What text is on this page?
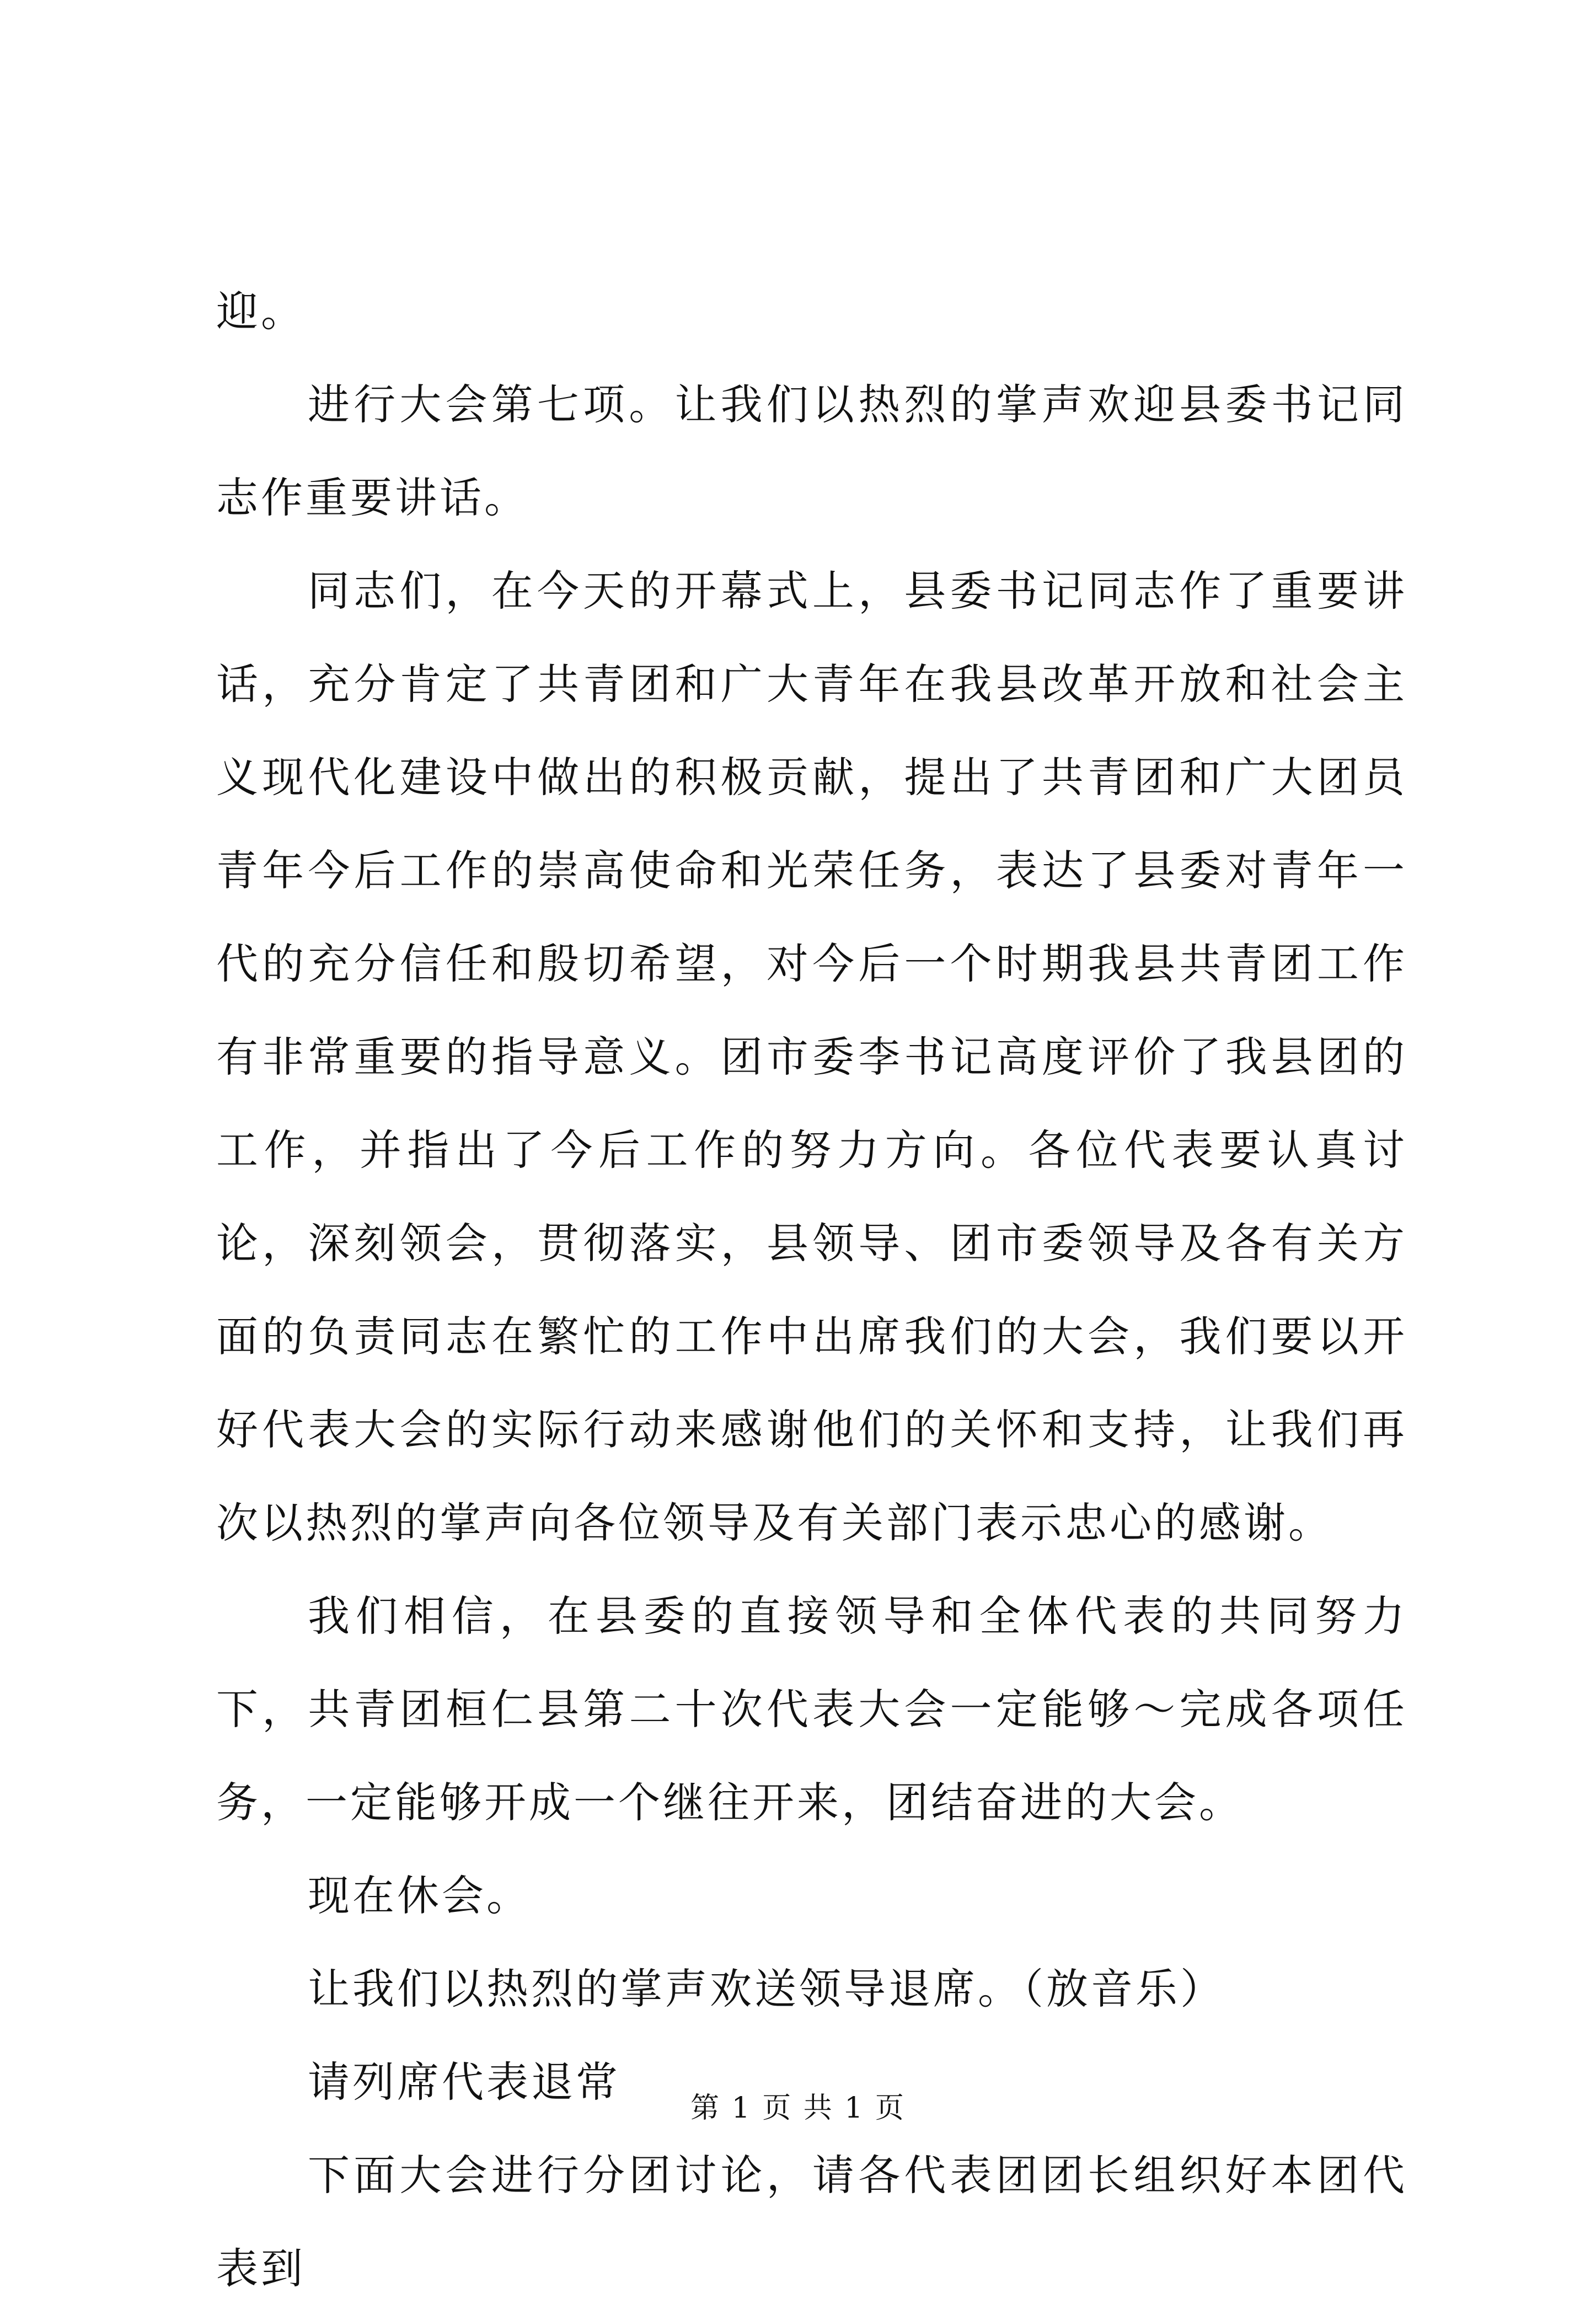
迎。

进行大会第七项。让我们以热烈的掌声欢迎县委书记同志作重要讲话。

同志们，在今天的开幕式上，县委书记同志作了重要讲话，充分肯定了共青团和广大青年在我县改革开放和社会主义现代化建设中做出的积极贡献，提出了共青团和广大团员青年今后工作的崇高使命和光荣任务，表达了县委对青年一代的充分信任和殷切希望，对今后一个时期我县共青团工作有非常重要的指导意义。团市委李书记高度评价了我县团的工作，并指出了今后工作的努力方向。各位代表要认真讨论，深刻领会，贯彻落实，县领导、团市委领导及各有关方面的负责同志在繁忙的工作中出席我们的大会，我们要以开好代表大会的实际行动来感谢他们的关怀和支持，让我们再次以热烈的掌声向各位领导及有关部门表示忠心的感谢。

我们相信，在县委的直接领导和全体代表的共同努力下，共青团桓仁县第二十次代表大会一定能够～完成各项任务，一定能够开成一个继往开来，团结奋进的大会。

现在休会。

让我们以热烈的掌声欢送领导退席。（放音乐）

请列席代表退常

下面大会进行分团讨论，请各代表团团长组织好本团代表到

第 1 页 共 1 页
